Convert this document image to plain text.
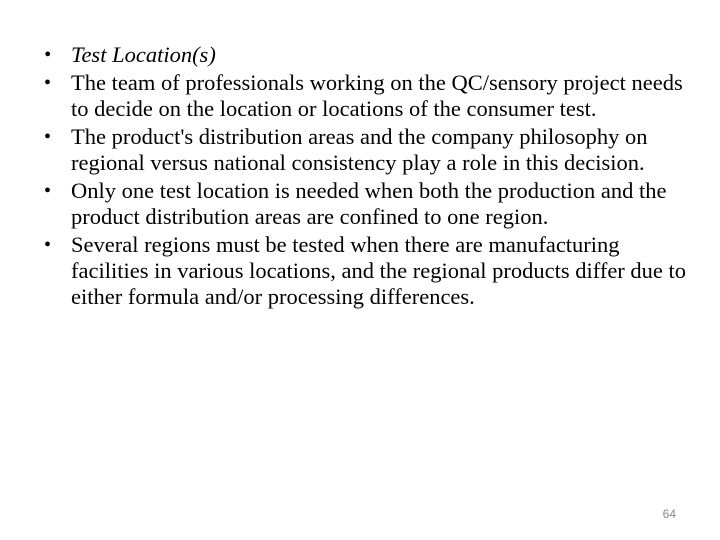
• Test Location(s)
• The team of professionals working on the QC/sensory project needs to decide on the location or locations of the consumer test.
• The product's distribution areas and the company philosophy on regional versus national consistency play a role in this decision.
• Only one test location is needed when both the production and the product distribution areas are confined to one region.
• Several regions must be tested when there are manufacturing facilities in various locations, and the regional products differ due to either formula and/or processing differences.
64
